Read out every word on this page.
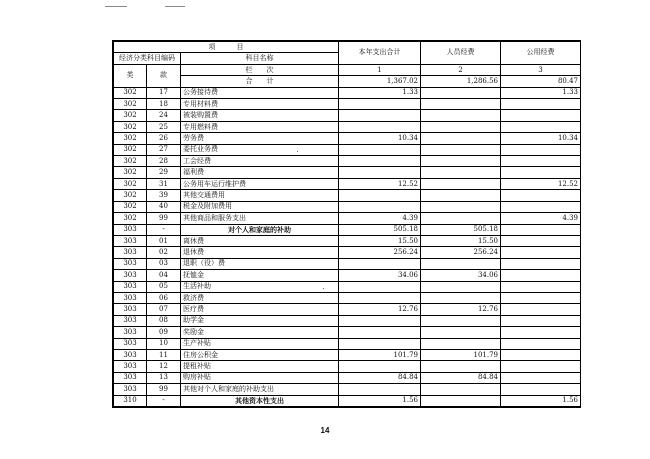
项　　　目			本年支出合计	人员经费	公用经费
经济分类科目编码		科目名称			
类	款	栏　　次	1	2	3
		合　　计	1,367.02	1,286.56	80.47
302	17	公务接待费	1.33		1.33
302	18	专用材料费			
302	24	被装购置费			
302	25	专用燃料费			
302	26	劳务费	10.34		10.34
302	27	委托业务费			
302	28	工会经费			
302	29	福利费			
302	31	公务用车运行维护费	12.52		12.52
302	39	其他交通费用			
302	40	税金及附加费用			
302	99	其他商品和服务支出	4.39		4.39
303	-	对个人和家庭的补助	505.18	505.18	
303	01	离休费	15.50	15.50	
303	02	退休费	256.24	256.24	
303	03	退职（役）费			
303	04	抚恤金	34.06	34.06	
303	05	生活补助			
303	06	救济费			
303	07	医疗费	12.76	12.76	
303	08	助学金			
303	09	奖励金			
303	10	生产补贴			
303	11	住房公积金	101.79	101.79	
303	12	提租补贴			
303	13	购房补贴	84.84	84.84	
303	99	其他对个人和家庭的补助支出			
310	-	其他资本性支出	1.56		1.56
14
